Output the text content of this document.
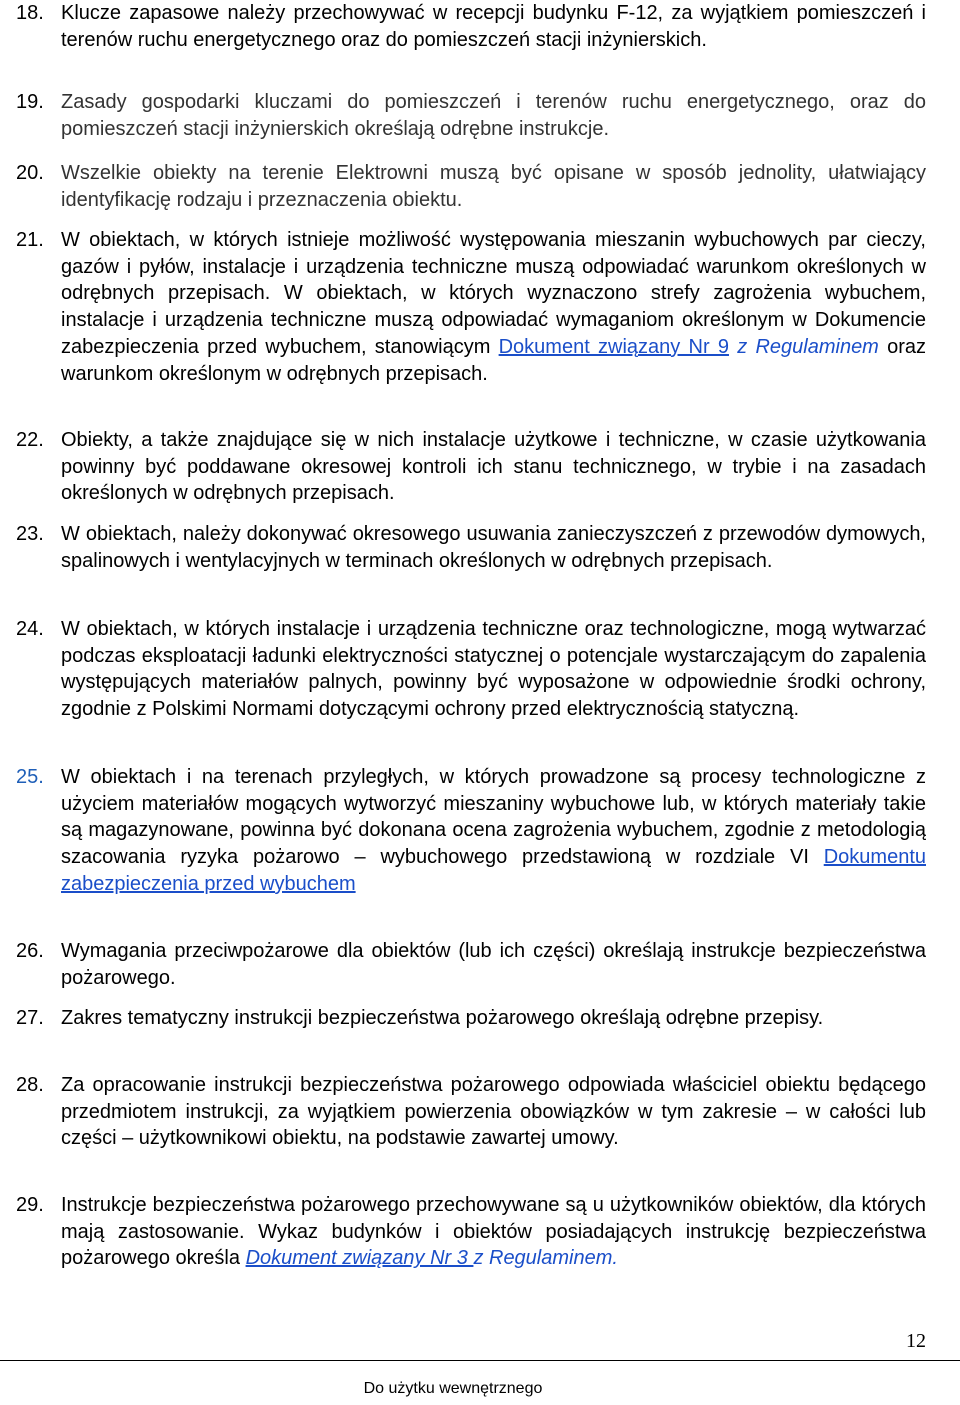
18. Klucze zapasowe należy przechowywać w recepcji budynku F-12, za wyjątkiem pomieszczeń i terenów ruchu energetycznego oraz do pomieszczeń stacji inżynierskich.
19. Zasady gospodarki kluczami do pomieszczeń i terenów ruchu energetycznego, oraz do pomieszczeń stacji inżynierskich określają odrębne instrukcje.
20. Wszelkie obiekty na terenie Elektrowni muszą być opisane w sposób jednolity, ułatwiający identyfikację rodzaju i przeznaczenia obiektu.
21. W obiektach, w których istnieje możliwość występowania mieszanin wybuchowych par cieczy, gazów i pyłów, instalacje i urządzenia techniczne muszą odpowiadać warunkom określonych w odrębnych przepisach. W obiektach, w których wyznaczono strefy zagrożenia wybuchem, instalacje i urządzenia techniczne muszą odpowiadać wymaganiom określonym w Dokumencie zabezpieczenia przed wybuchem, stanowiącym Dokument związany Nr 9 z Regulaminem oraz warunkom określonym w odrębnych przepisach.
22. Obiekty, a także znajdujące się w nich instalacje użytkowe i techniczne, w czasie użytkowania powinny być poddawane okresowej kontroli ich stanu technicznego, w trybie i na zasadach określonych w odrębnych przepisach.
23. W obiektach, należy dokonywać okresowego usuwania zanieczyszczeń z przewodów dymowych, spalinowych i wentylacyjnych w terminach określonych w odrębnych przepisach.
24. W obiektach, w których instalacje i urządzenia techniczne oraz technologiczne, mogą wytwarzać podczas eksploatacji ładunki elektryczności statycznej o potencjale wystarczającym do zapalenia występujących materiałów palnych, powinny być wyposażone w odpowiednie środki ochrony, zgodnie z Polskimi Normami dotyczącymi ochrony przed elektrycznością statyczną.
25. W obiektach i na terenach przyległych, w których prowadzone są procesy technologiczne z użyciem materiałów mogących wytworzyć mieszaniny wybuchowe lub, w których materiały takie są magazynowane, powinna być dokonana ocena zagrożenia wybuchem, zgodnie z metodologią szacowania ryzyka pożarowo – wybuchowego przedstawioną w rozdziale VI Dokumentu zabezpieczenia przed wybuchem
26. Wymagania przeciwpożarowe dla obiektów (lub ich części) określają instrukcje bezpieczeństwa pożarowego.
27. Zakres tematyczny instrukcji bezpieczeństwa pożarowego określają odrębne przepisy.
28. Za opracowanie instrukcji bezpieczeństwa pożarowego odpowiada właściciel obiektu będącego przedmiotem instrukcji, za wyjątkiem powierzenia obowiązków w tym zakresie – w całości lub części – użytkownikowi obiektu, na podstawie zawartej umowy.
29. Instrukcje bezpieczeństwa pożarowego przechowywane są u użytkowników obiektów, dla których mają zastosowanie. Wykaz budynków i obiektów posiadających instrukcję bezpieczeństwa pożarowego określa Dokument związany Nr 3 z Regulaminem.
12
Do użytku wewnętrznego
